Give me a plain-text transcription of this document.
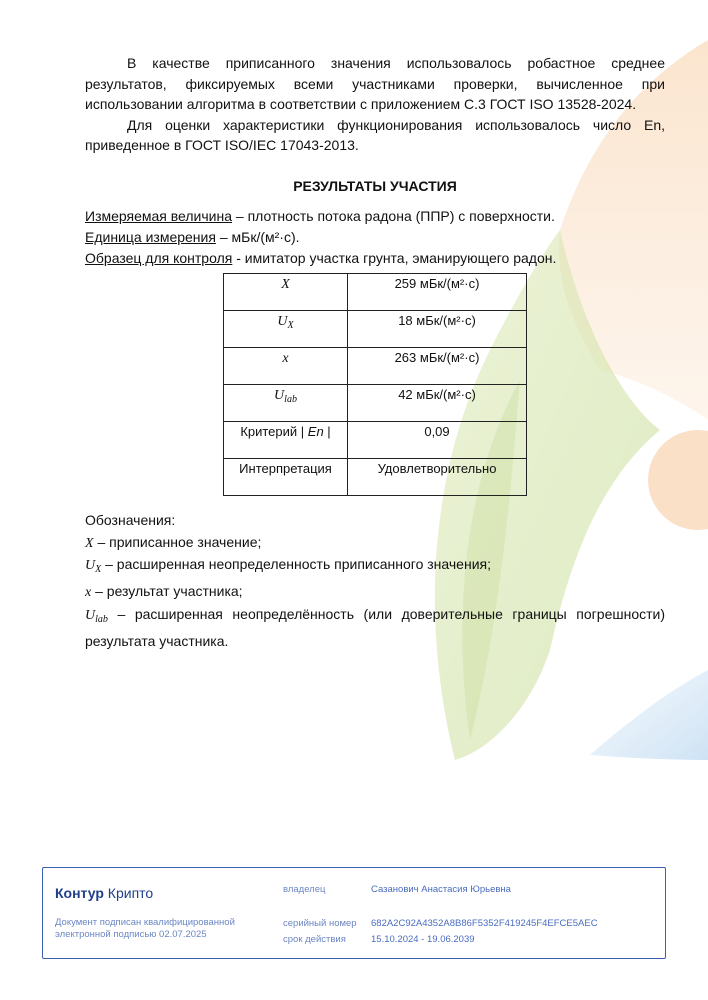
В качестве приписанного значения использовалось робастное среднее результатов, фиксируемых всеми участниками проверки, вычисленное при использовании алгоритма в соответствии с приложением С.3 ГОСТ ISO 13528-2024.

Для оценки характеристики функционирования использовалось число Еn, приведенное в ГОСТ ISO/IEC 17043-2013.

РЕЗУЛЬТАТЫ УЧАСТИЯ

Измеряемая величина – плотность потока радона (ППР) с поверхности.

Единица измерения – мБк/(м²·с).

Образец для контроля - имитатор участка грунта, эманирующего радон.

X	259 мБк/(м²·с)
$U_X$	18 мБк/(м²·с)
x	263 мБк/(м²·с)
$U_{lab}$	42 мБк/(м²·с)
Критерий | En |	0,09
Интерпретация	Удовлетворительно

Обозначения:

X – приписанное значение;

$U_X$ – расширенная неопределенность приписанного значения;

x – результат участника;

$U_{lab}$ – расширенная неопределённость (или доверительные границы погрешности) результата участника.

Контур Крипто
Документ подписан квалифицированной электронной подписью 02.07.2025
владелец	Сазанович Анастасия Юрьевна
серийный номер 682A2C92A4352A8B86F5352F419245F4EFCE5AEC
срок действия	15.10.2024 - 19.06.2039
